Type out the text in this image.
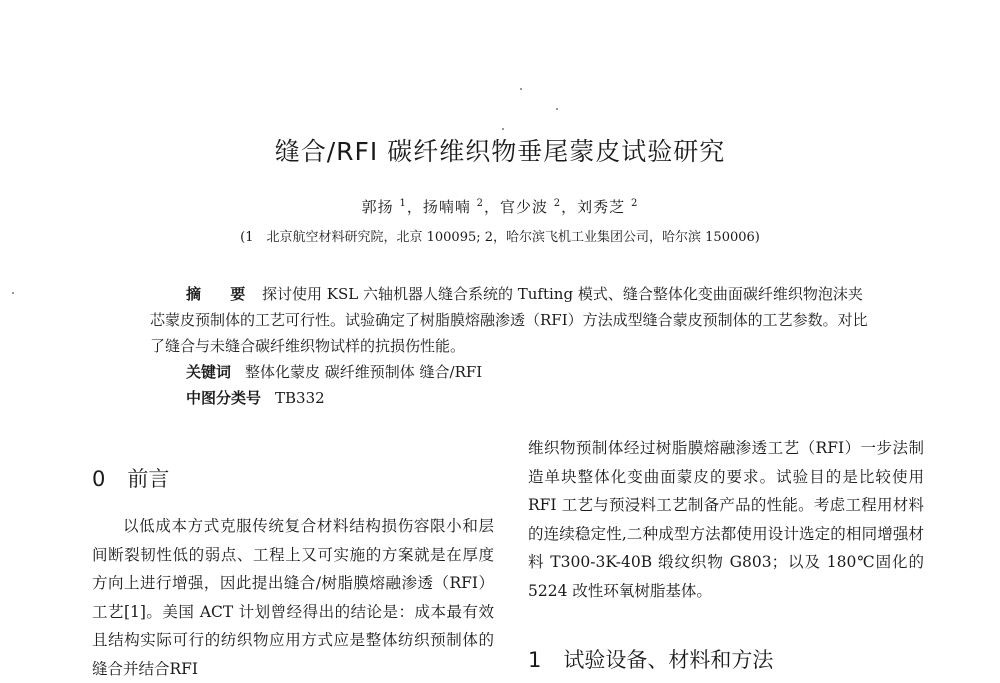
缝合/RFI 碳纤维织物垂尾蒙皮试验研究
郭扬 $^1$，扬喃喃 $^2$，官少波 $^2$，刘秀芝 $^2$
(1　北京航空材料研究院，北京 100095; 2，哈尔滨飞机工业集团公司，哈尔滨 150006)

摘 要 探讨使用 KSL 六轴机器人缝合系统的 Tufting 模式、缝合整体化变曲面碳纤维织物泡沫夹芯蒙皮预制体的工艺可行性。试验确定了树脂膜熔融渗透（RFI）方法成型缝合蒙皮预制体的工艺参数。对比了缝合与未缝合碳纤维织物试样的抗损伤性能。

关键词 整体化蒙皮 碳纤维预制体 缝合/RFI

中图分类号 TB332

0 前言

以低成本方式克服传统复合材料结构损伤容限小和层间断裂韧性低的弱点、工程上又可实施的方案就是在厚度方向上进行增强，因此提出缝合/树脂膜熔融渗透（RFI）工艺[1]。美国 ACT 计划曾经得出的结论是：成本最有效且结构实际可行的纺织物应用方式应是整体纺织预制体的缝合并结合RFI

维织物预制体经过树脂膜熔融渗透工艺（RFI）一步法制造单块整体化变曲面蒙皮的要求。试验目的是比较使用 RFI 工艺与预浸料工艺制备产品的性能。考虑工程用材料的连续稳定性,二种成型方法都使用设计选定的相同增强材料 T300-3K-40B 缎纹织物 G803；以及 180℃固化的 5224 改性环氧树脂基体。

1 试验设备、材料和方法
